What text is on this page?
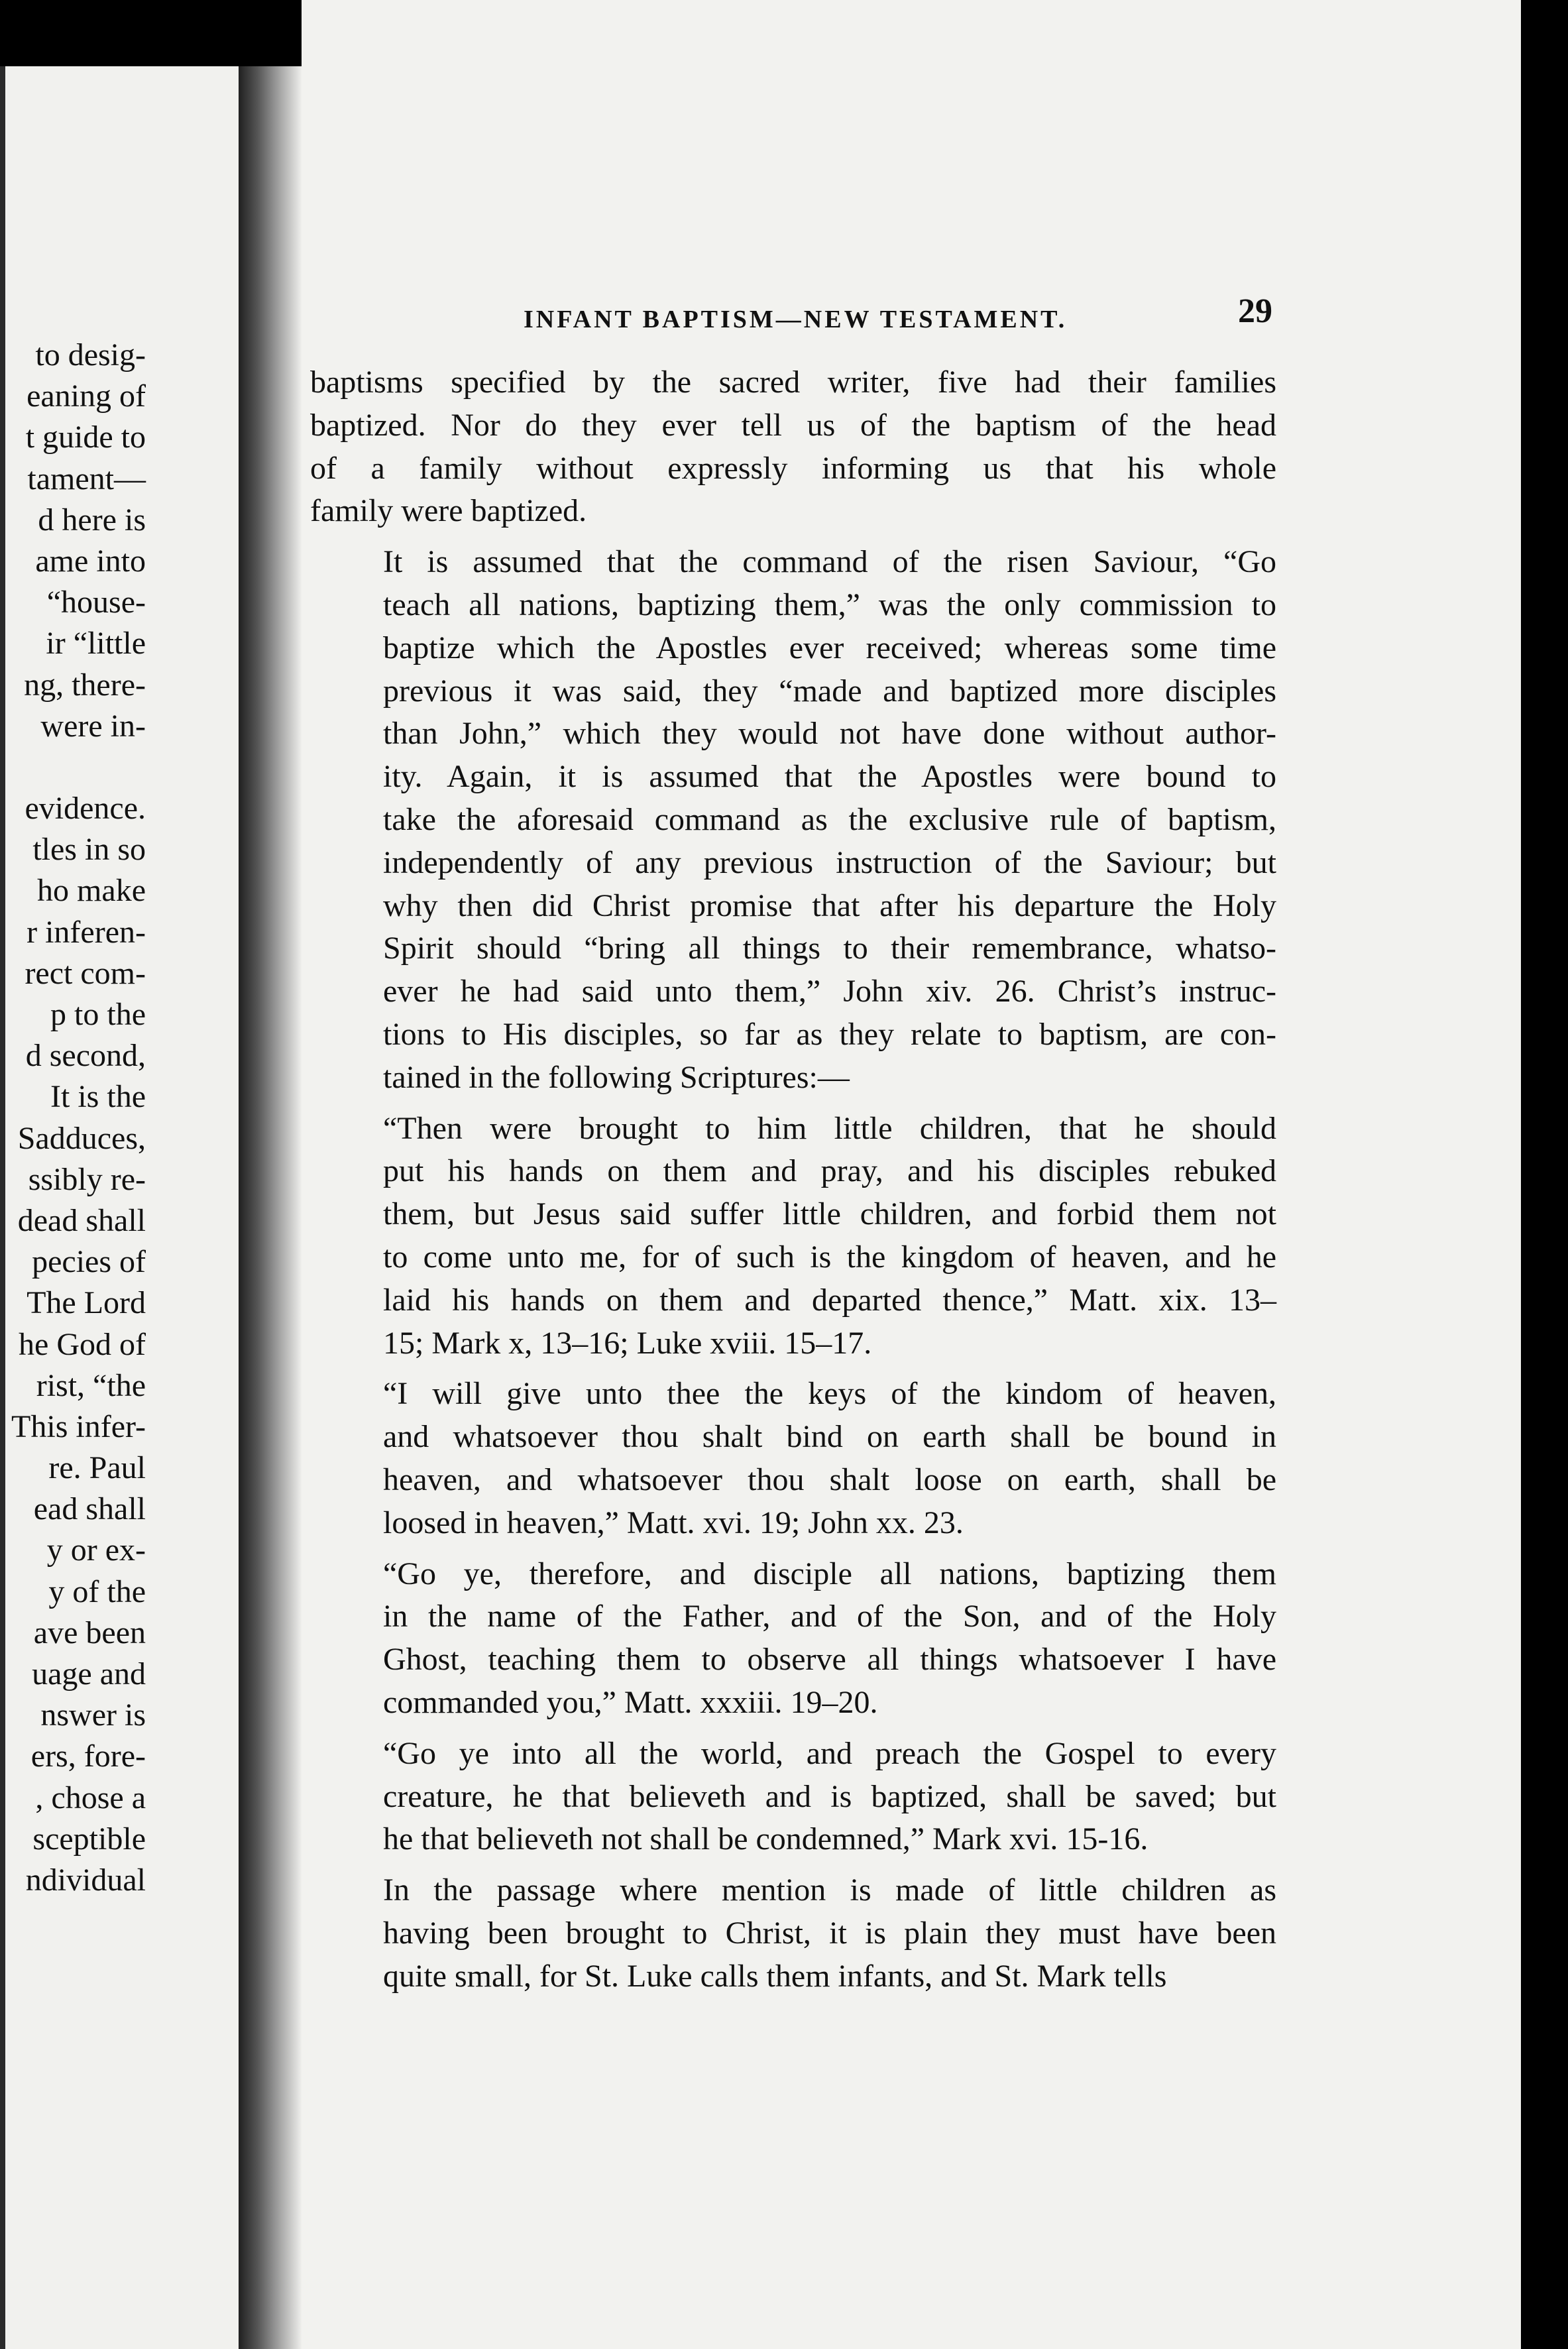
to desig-
eaning of
t guide to
tament—
d here is
ame into
“house-
ir “little
ng, there-
were in-
evidence.
tles in so
ho make
r inferen-
rect com-
p to the
d second,
It is the
Sadduces,
ssibly re-
dead shall
pecies of
The Lord
he God of
rist, “the
This infer-
re. Paul
ead shall
y or ex-
y of the
ave been
uage and
nswer is
ers, fore-
, chose a
sceptible
ndividual
INFANT BAPTISM—NEW TESTAMENT.	29
baptisms specified by the sacred writer, five had their families
baptized. Nor do they ever tell us of the baptism of the head
of a family without expressly informing us that his whole
family were baptized.
It is assumed that the command of the risen Saviour, “Go
teach all nations, baptizing them,” was the only commission to
baptize which the Apostles ever received; whereas some time
previous it was said, they “made and baptized more disciples
than John,” which they would not have done without author-
ity. Again, it is assumed that the Apostles were bound to
take the aforesaid command as the exclusive rule of baptism,
independently of any previous instruction of the Saviour; but
why then did Christ promise that after his departure the Holy
Spirit should “bring all things to their remembrance, whatso-
ever he had said unto them,” John xiv. 26. Christ’s instruc-
tions to His disciples, so far as they relate to baptism, are con-
tained in the following Scriptures:—
“Then were brought to him little children, that he should
put his hands on them and pray, and his disciples rebuked
them, but Jesus said suffer little children, and forbid them not
to come unto me, for of such is the kingdom of heaven, and he
laid his hands on them and departed thence,” Matt. xix. 13–
15; Mark x, 13–16; Luke xviii. 15–17.
“I will give unto thee the keys of the kindom of heaven,
and whatsoever thou shalt bind on earth shall be bound in
heaven, and whatsoever thou shalt loose on earth, shall be
loosed in heaven,” Matt. xvi. 19; John xx. 23.
“Go ye, therefore, and disciple all nations, baptizing them
in the name of the Father, and of the Son, and of the Holy
Ghost, teaching them to observe all things whatsoever I have
commanded you,” Matt. xxxiii. 19–20.
“Go ye into all the world, and preach the Gospel to every
creature, he that believeth and is baptized, shall be saved; but
he that believeth not shall be condemned,” Mark xvi. 15-16.
In the passage where mention is made of little children as
having been brought to Christ, it is plain they must have been
quite small, for St. Luke calls them infants, and St. Mark tells
